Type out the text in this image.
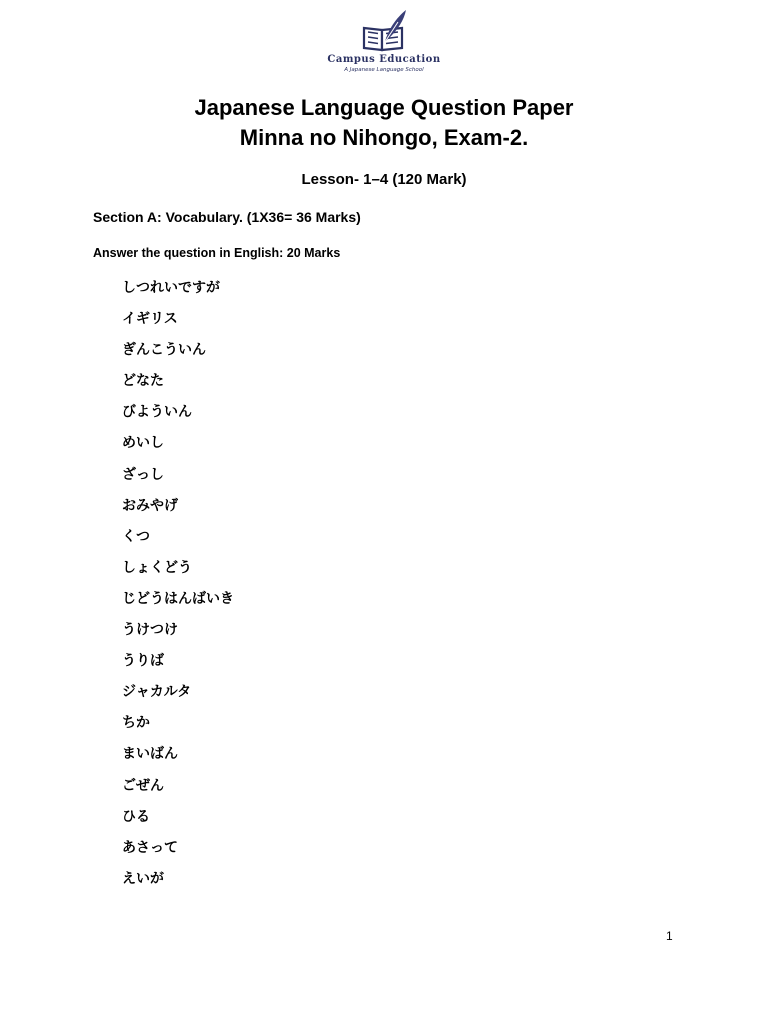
Campus Education
A Japanese Language School
Japanese Language Question Paper
Minna no Nihongo, Exam-2.
Lesson- 1–4 (120 Mark)
Section A: Vocabulary. (1X36= 36 Marks)
Answer the question in English: 20 Marks
しつれいですが
イギリス
ぎんこういん
どなた
びよういん
めいし
ざっし
おみやげ
くつ
しょくどう
じどうはんばいき
うけつけ
うりば
ジャカルタ
ちか
まいばん
ごぜん
ひる
あさって
えいが
1
